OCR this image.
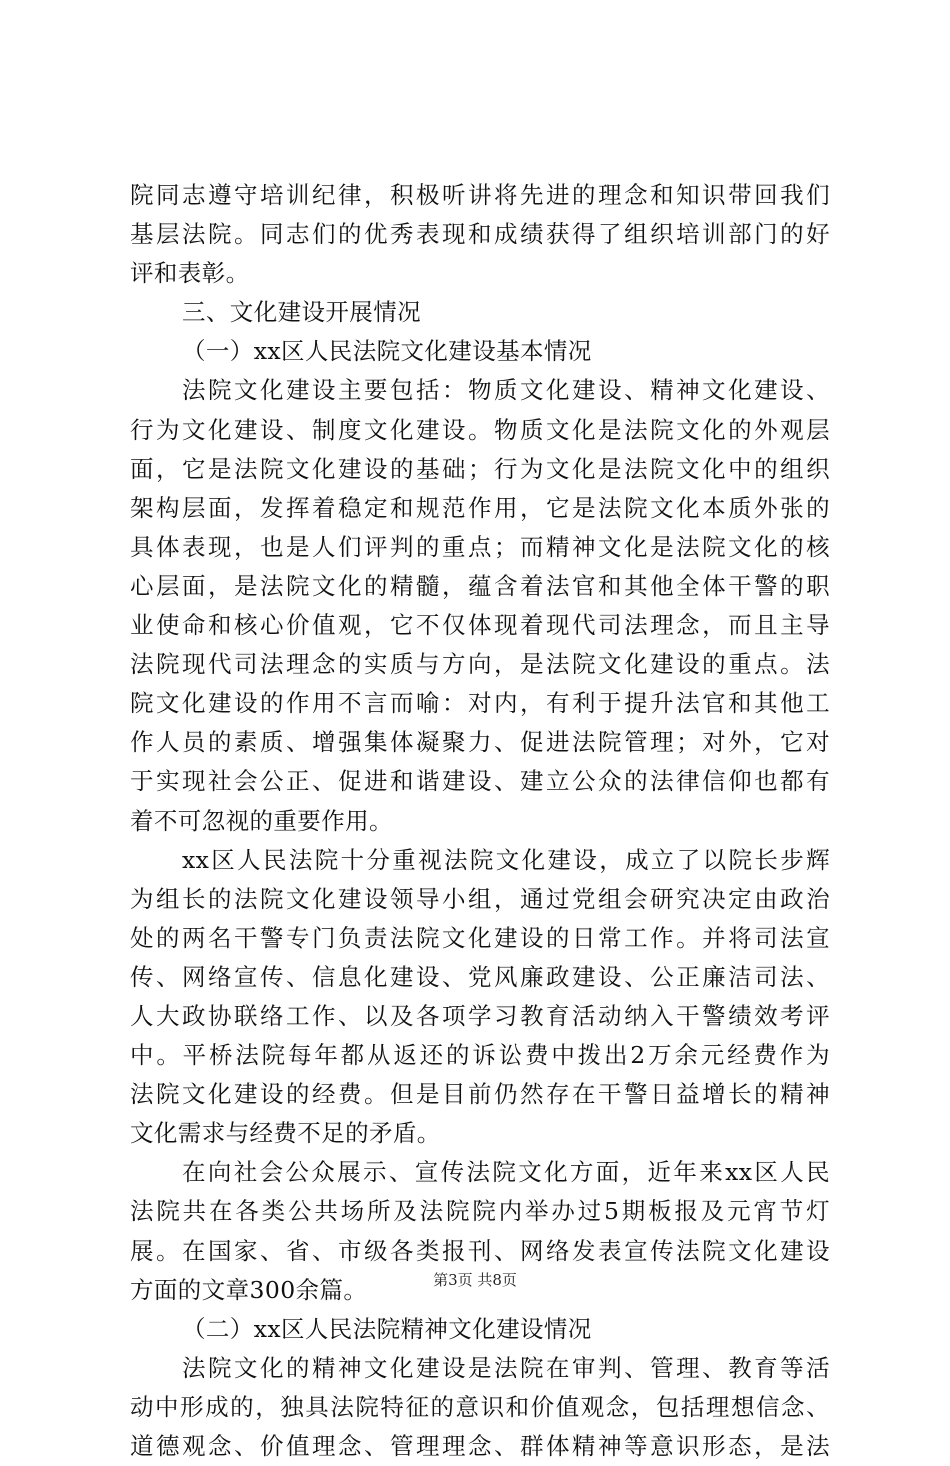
院同志遵守培训纪律，积极听讲将先进的理念和知识带回我们
基层法院。同志们的优秀表现和成绩获得了组织培训部门的好
评和表彰。
三、文化建设开展情况
（一）xx区人民法院文化建设基本情况
法院文化建设主要包括：物质文化建设、精神文化建设、
行为文化建设、制度文化建设。物质文化是法院文化的外观层
面，它是法院文化建设的基础；行为文化是法院文化中的组织
架构层面，发挥着稳定和规范作用，它是法院文化本质外张的
具体表现，也是人们评判的重点；而精神文化是法院文化的核
心层面，是法院文化的精髓，蕴含着法官和其他全体干警的职
业使命和核心价值观，它不仅体现着现代司法理念，而且主导
法院现代司法理念的实质与方向，是法院文化建设的重点。法
院文化建设的作用不言而喻：对内，有利于提升法官和其他工
作人员的素质、增强集体凝聚力、促进法院管理；对外，它对
于实现社会公正、促进和谐建设、建立公众的法律信仰也都有
着不可忽视的重要作用。
xx区人民法院十分重视法院文化建设，成立了以院长步辉
为组长的法院文化建设领导小组，通过党组会研究决定由政治
处的两名干警专门负责法院文化建设的日常工作。并将司法宣
传、网络宣传、信息化建设、党风廉政建设、公正廉洁司法、
人大政协联络工作、以及各项学习教育活动纳入干警绩效考评
中。平桥法院每年都从返还的诉讼费中拨出2万余元经费作为
法院文化建设的经费。但是目前仍然存在干警日益增长的精神
文化需求与经费不足的矛盾。
在向社会公众展示、宣传法院文化方面，近年来xx区人民
法院共在各类公共场所及法院院内举办过5期板报及元宵节灯
展。在国家、省、市级各类报刊、网络发表宣传法院文化建设
方面的文章300余篇。
（二）xx区人民法院精神文化建设情况
法院文化的精神文化建设是法院在审判、管理、教育等活
动中形成的，独具法院特征的意识和价值观念，包括理想信念、
道德观念、价值理念、管理理念、群体精神等意识形态，是法
第3页 共8页
